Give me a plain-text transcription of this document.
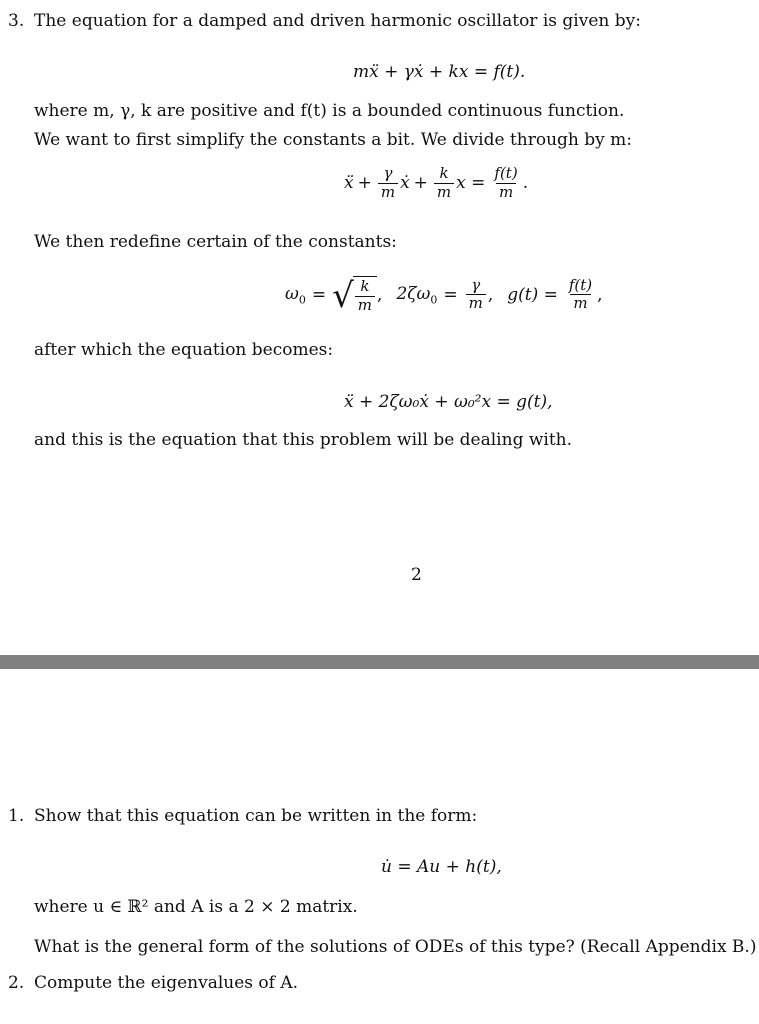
3. The equation for a damped and driven harmonic oscillator is given by:
mẍ + γẋ + kx = f(t).
where m, γ, k are positive and f(t) is a bounded continuous function.
We want to first simplify the constants a bit. We divide through by m:
ẍ + $\frac{\gamma}{m}$ ẋ + $\frac{k}{m}$ $x = \frac{f(t)}{m}$ .
We then redefine certain of the constants:
$\omega_0$ = √ $\frac{k}{m}$ , $2\zeta\omega_0 = \frac{\gamma}{m}$ , $g(t) = \frac{f(t)}{m}$ ,
after which the equation becomes:
ẍ + 2ζω₀ẋ + ω₀²x = g(t),
and this is the equation that this problem will be dealing with.
2
1. Show that this equation can be written in the form:
u̇ = Au + h(t),
where u ∈ ℝ² and A is a 2 × 2 matrix.
What is the general form of the solutions of ODEs of this type? (Recall Appendix B.)
2. Compute the eigenvalues of A.
